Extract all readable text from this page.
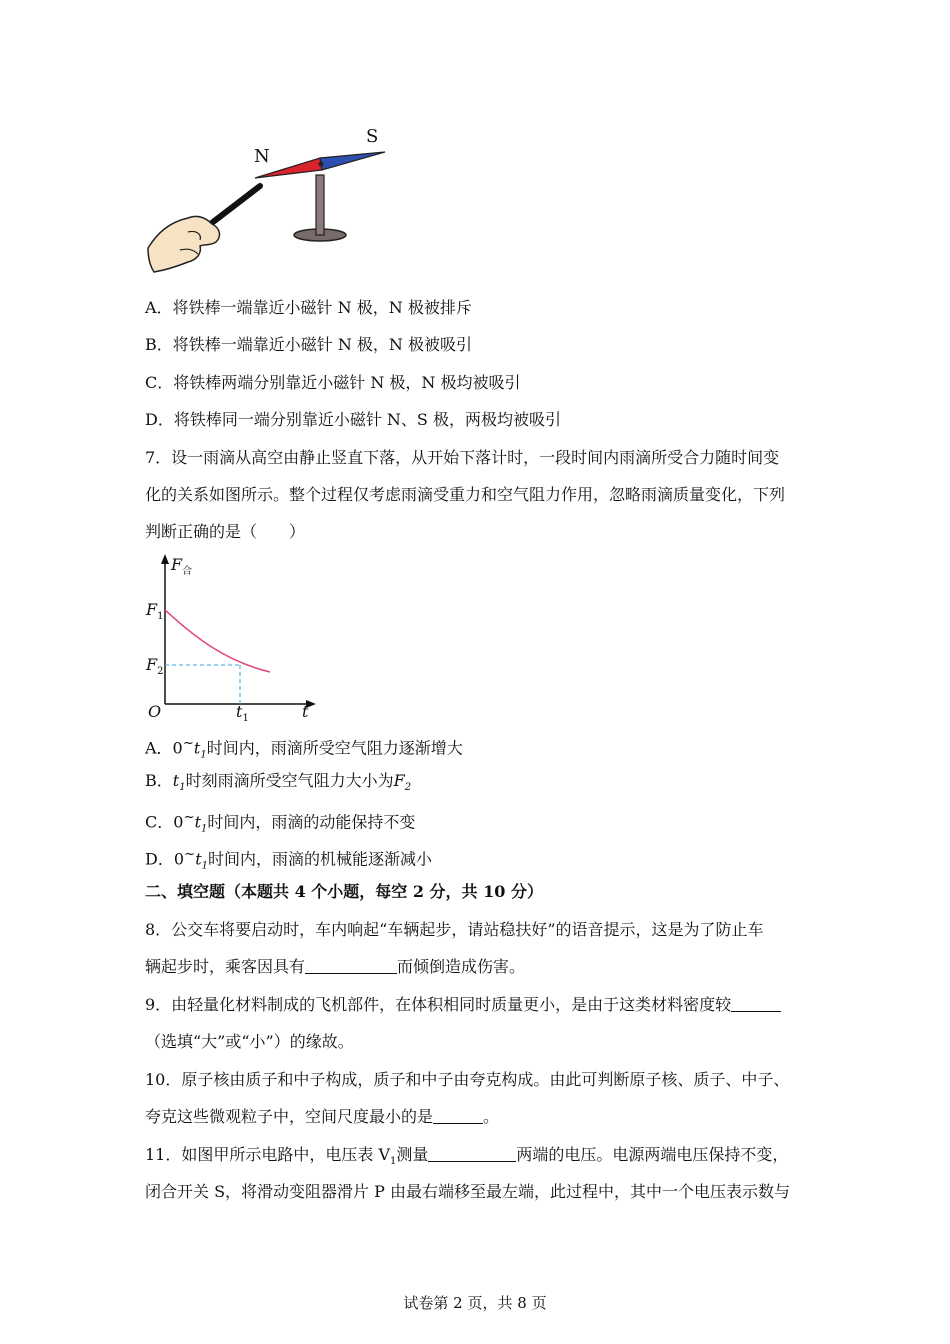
N
S
A．将铁棒一端靠近小磁针 N 极，N 极被排斥
B．将铁棒一端靠近小磁针 N 极，N 极被吸引
C．将铁棒两端分别靠近小磁针 N 极，N 极均被吸引
D．将铁棒同一端分别靠近小磁针 N、S 极，两极均被吸引
7．设一雨滴从高空由静止竖直下落，从开始下落计时，一段时间内雨滴所受合力随时间变
化的关系如图所示。整个过程仅考虑雨滴受重力和空气阻力作用，忽略雨滴质量变化，下列
判断正确的是（　　）
$F_合$
$F_1$
$F_2$
O	$t_1$	t
A．$0^\sim t_1$时间内，雨滴所受空气阻力逐渐增大
B．$t_1$时刻雨滴所受空气阻力大小为$F_2$
C．$0^\sim t_1$时间内，雨滴的动能保持不变
D．$0^\sim t_1$时间内，雨滴的机械能逐渐减小
二、填空题（本题共 4 个小题，每空 2 分，共 10 分）
8．公交车将要启动时，车内响起“车辆起步，请站稳扶好”的语音提示，这是为了防止车
辆起步时，乘客因具有	而倾倒造成伤害。
9．由轻量化材料制成的飞机部件，在体积相同时质量更小，是由于这类材料密度较
（选填“大”或“小”）的缘故。
10．原子核由质子和中子构成，质子和中子由夸克构成。由此可判断原子核、质子、中子、
夸克这些微观粒子中，空间尺度最小的是	。
11．如图甲所示电路中，电压表 $V_1$测量	两端的电压。电源两端电压保持不变，
闭合开关 S，将滑动变阻器滑片 P 由最右端移至最左端，此过程中，其中一个电压表示数与
试卷第 2 页，共 8 页
